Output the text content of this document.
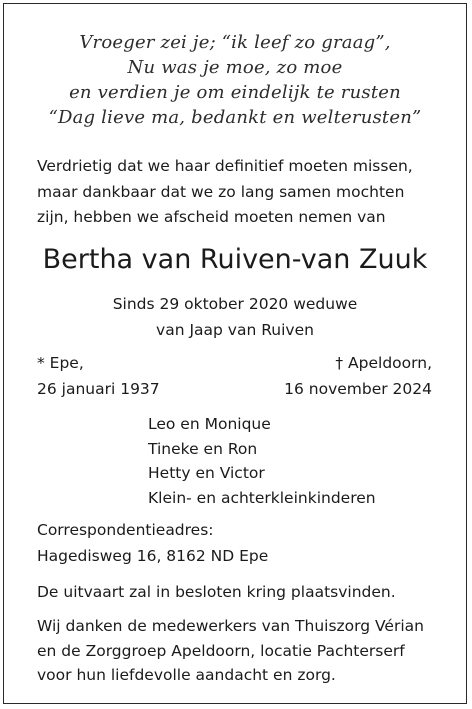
Vroeger zei je; “ik leef zo graag”,
Nu was je moe, zo moe
en verdien je om eindelijk te rusten
“Dag lieve ma, bedankt en welterusten”
Verdrietig dat we haar definitief moeten missen,
maar dankbaar dat we zo lang samen mochten
zijn, hebben we afscheid moeten nemen van
Bertha van Ruiven-van Zuuk
Sinds 29 oktober 2020 weduwe
van Jaap van Ruiven
* Epe,
26 januari 1937
† Apeldoorn,
16 november 2024
Leo en Monique
Tineke en Ron
Hetty en Victor
Klein- en achterkleinkinderen
Correspondentieadres:
Hagedisweg 16, 8162 ND Epe
De uitvaart zal in besloten kring plaatsvinden.
Wij danken de medewerkers van Thuiszorg Vérian
en de Zorggroep Apeldoorn, locatie Pachterserf
voor hun liefdevolle aandacht en zorg.
